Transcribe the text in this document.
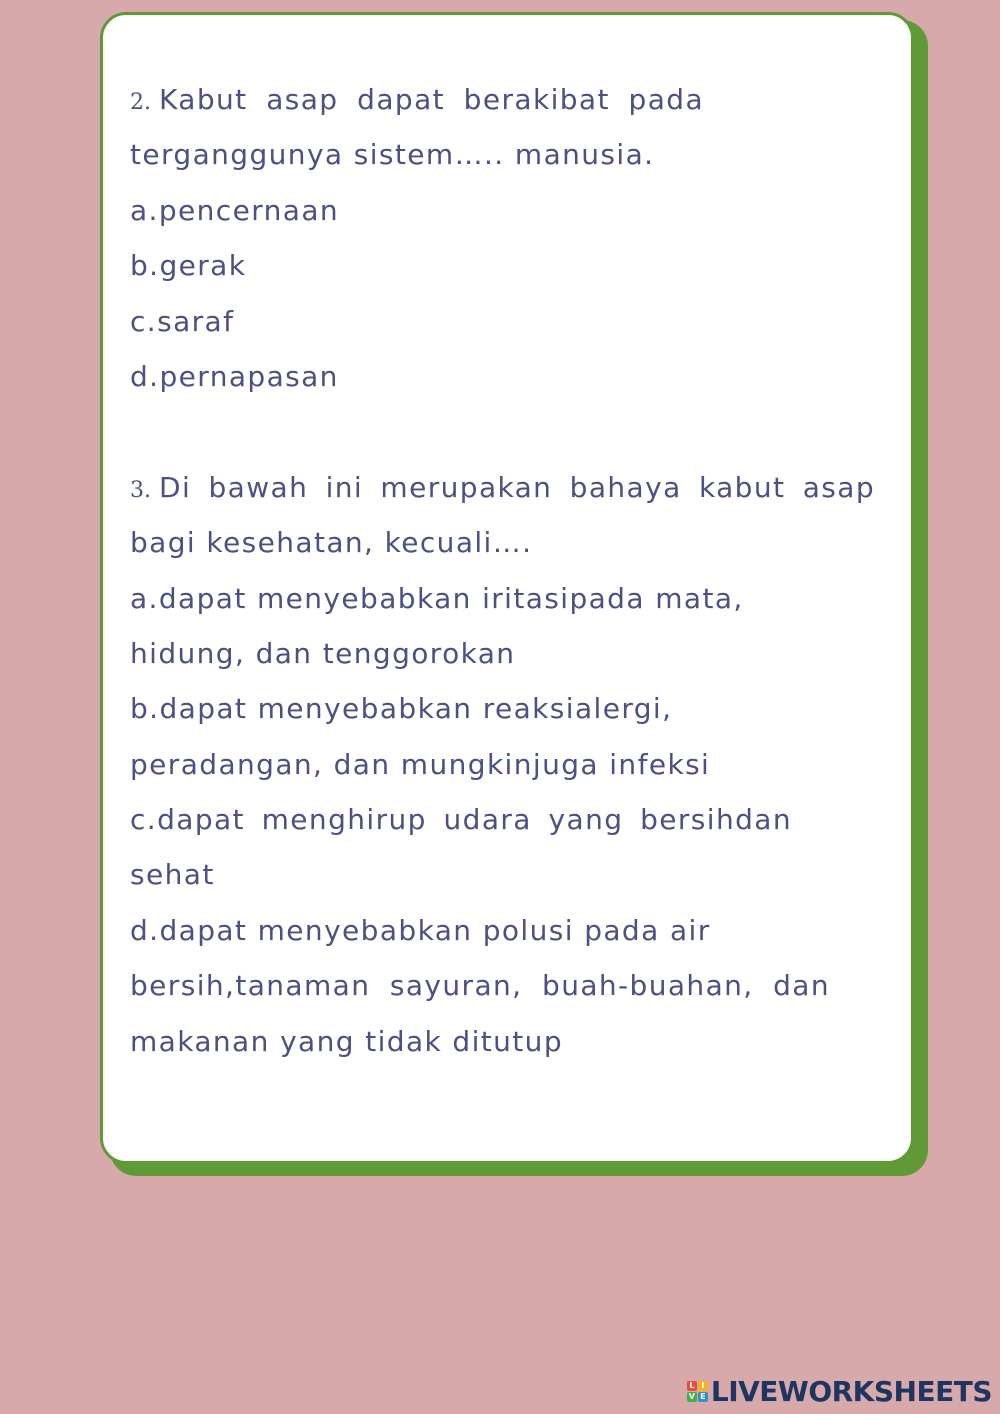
2. Kabut asap dapat berakibat pada
terganggunya sistem….. manusia.
a.pencernaan
b.gerak
c.saraf
d.pernapasan
3. Di bawah ini merupakan bahaya kabut asap
bagi kesehatan, kecuali….
a.dapat menyebabkan iritasipada mata,
hidung, dan tenggorokan
b.dapat menyebabkan reaksialergi,
peradangan, dan mungkinjuga infeksi
c.dapat menghirup udara yang bersihdan
sehat
d.dapat menyebabkan polusi pada air
bersih,tanaman sayuran, buah-buahan, dan
makanan yang tidak ditutup
L I
V E LIVEWORKSHEETS
